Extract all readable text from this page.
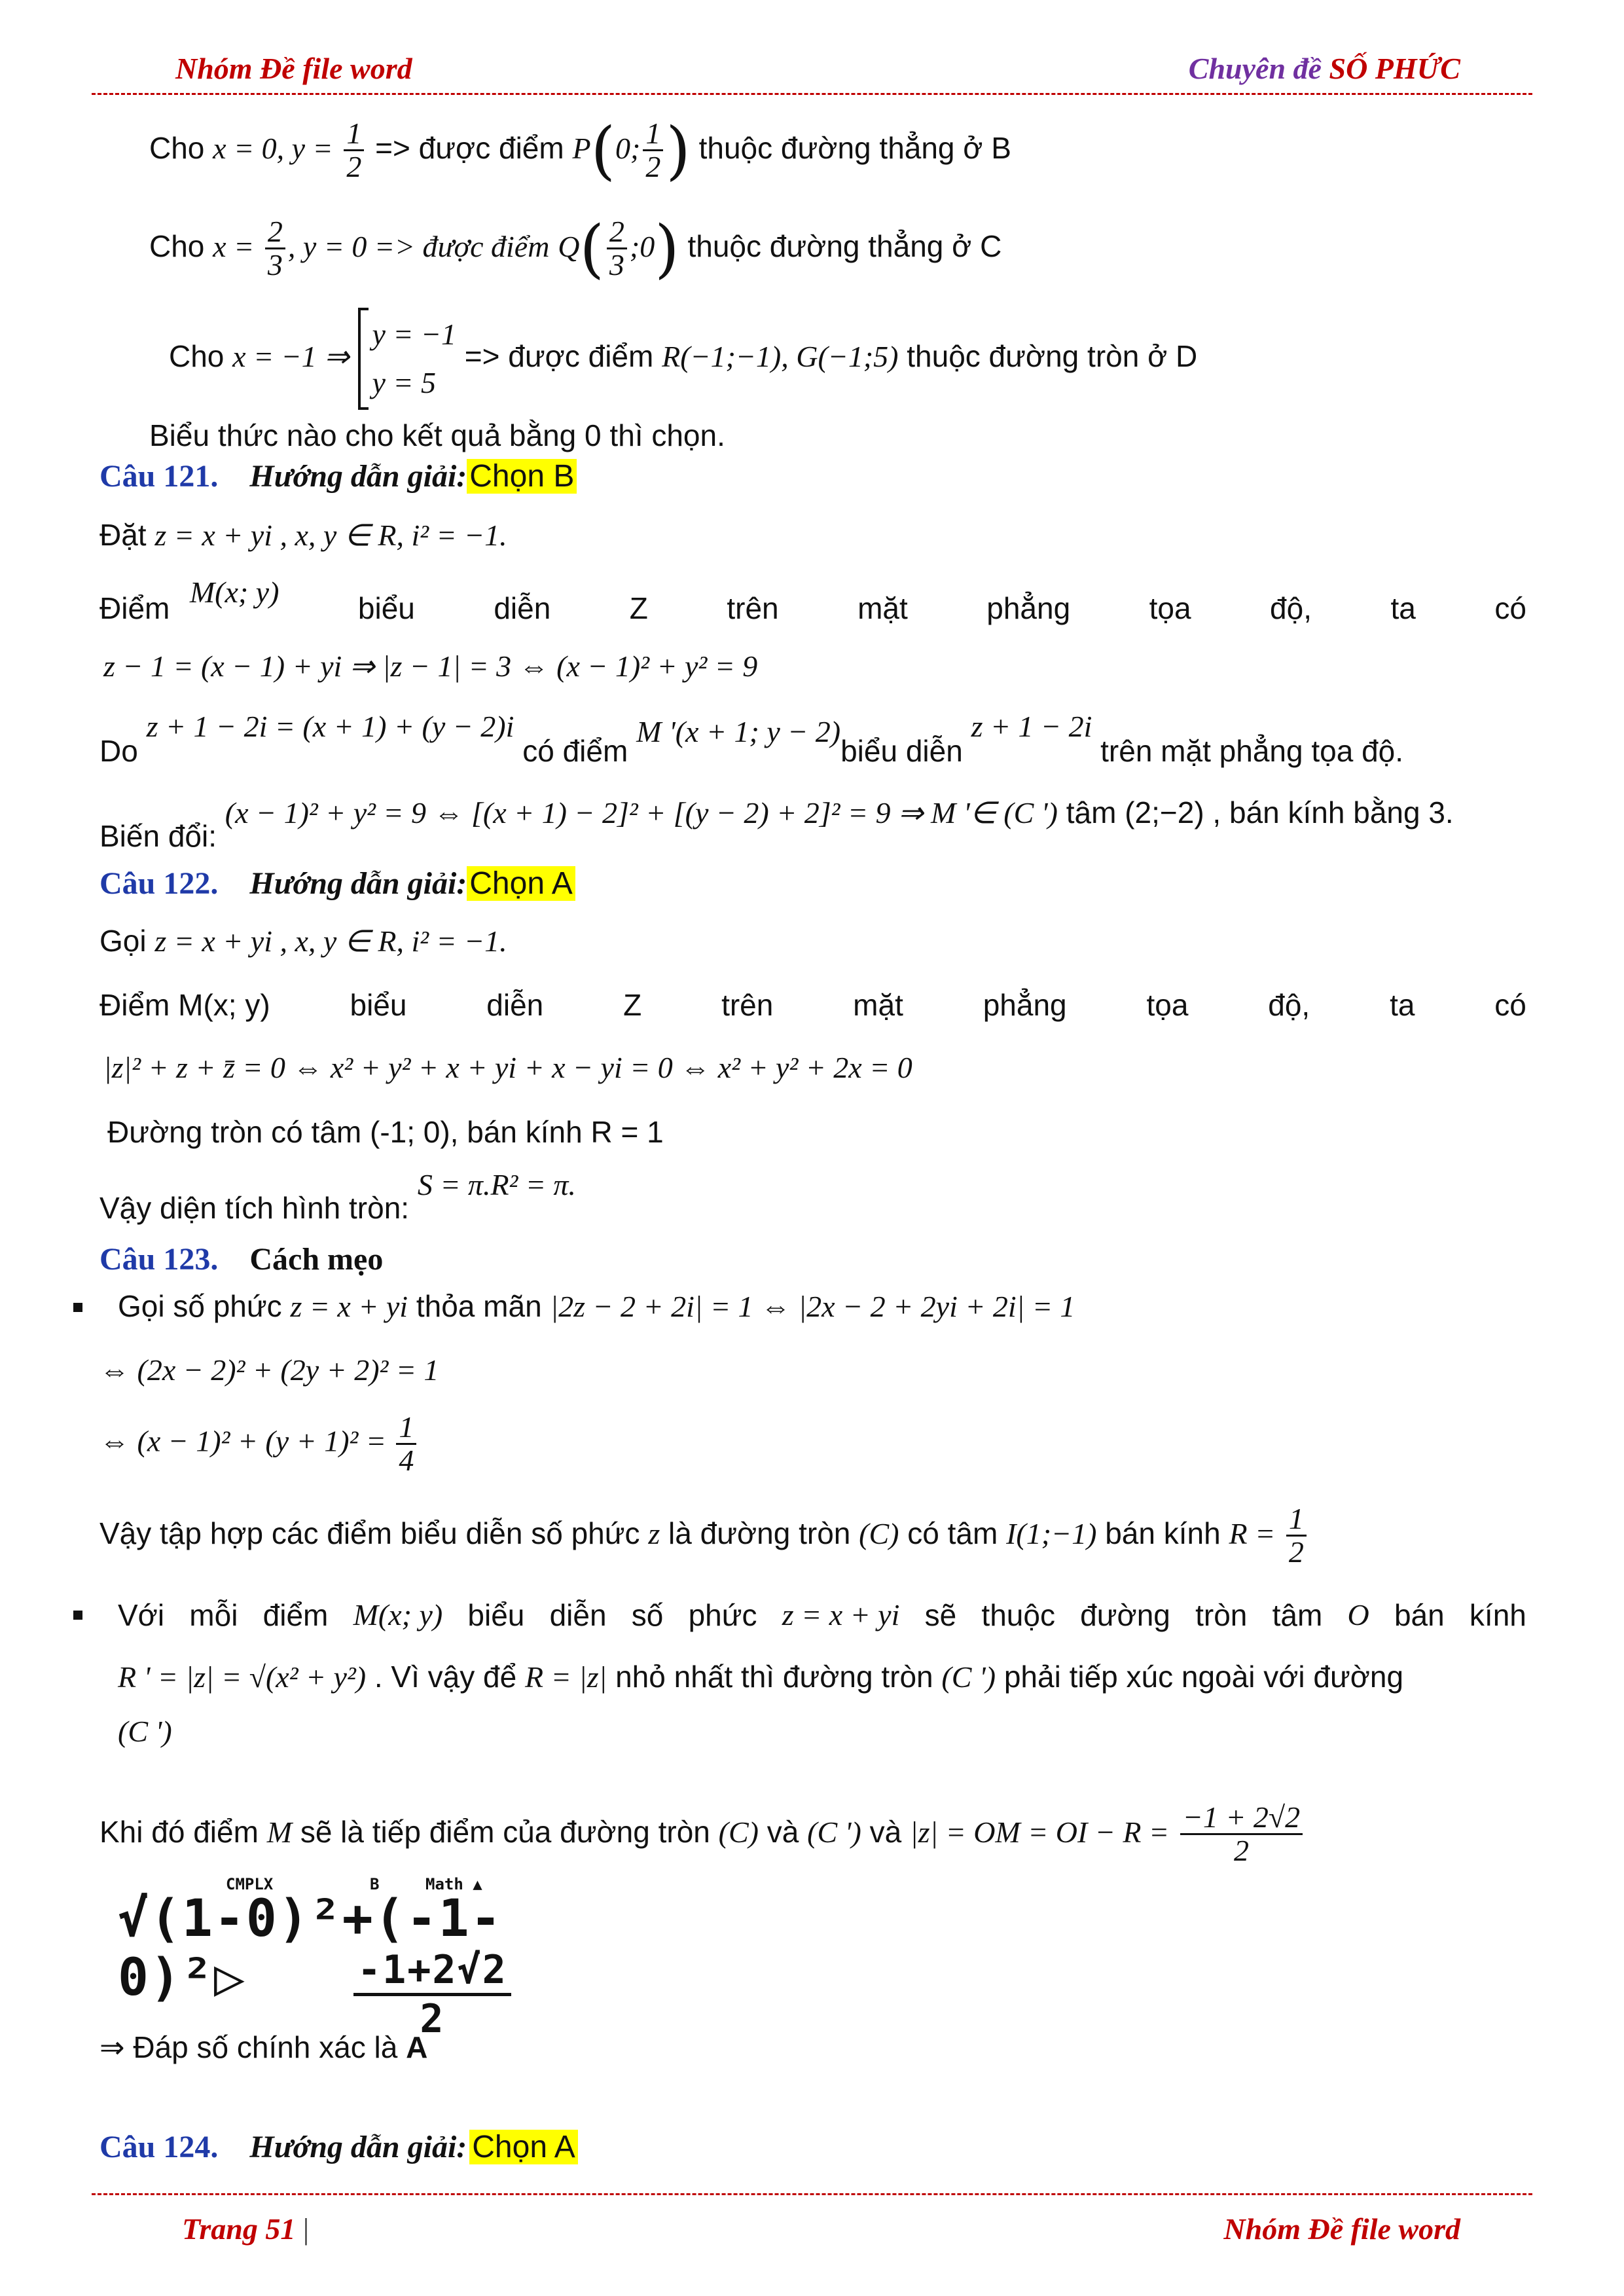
Nhóm Đề file word	Chuyên đề SỐ PHỨC
Cho x = 0, $y = \frac{1}{2}$ => được điểm P(0; $\frac{1}{2}$ ) thuộc đường thẳng ở B
Cho $x = \frac{2}{3}$ , y = 0 => được điểm $Q( \frac{2}{3}$ ;0) thuộc đường thẳng ở C
Cho x = −1 ⇒
y = −1
y = 5
=> được điểm R(−1;−1), G(−1;5) thuộc đường tròn ở D
Biểu thức nào cho kết quả bằng 0 thì chọn.
Câu 121. Hướng dẫn giải:Chọn B
Đặt z = x + yi , x, y ∈ R, i² = −1.
Điểm M(x; y)	biểu	diễn	Z	trên	mặt	phẳng	tọa	độ,	ta	có
z − 1 = (x − 1) + yi ⇒ |z − 1| = 3 ⇔ (x − 1)² + y² = 9
Do z + 1 − 2i = (x + 1) + (y − 2)i có điểm M '(x + 1; y − 2)biểu diễn z + 1 − 2i trên mặt phẳng tọa độ.
Biến đổi: (x − 1)² + y² = 9 ⇔ [(x + 1) − 2]² + [(y − 2) + 2]² = 9 ⇒ M '∈ (C ') tâm (2;−2) , bán kính bằng 3.
Câu 122. Hướng dẫn giải:Chọn A
Gọi z = x + yi , x, y ∈ R, i² = −1.
Điểm M(x; y)	biểu	diễn	Z	trên	mặt	phẳng	tọa	độ,	ta	có
|z|² + z + z̄ = 0 ⇔ x² + y² + x + yi + x − yi = 0 ⇔ x² + y² + 2x = 0
Đường tròn có tâm (-1; 0), bán kính R = 1
Vậy diện tích hình tròn: S = π.R² = π.
Câu 123. Cách mẹo
Gọi số phức z = x + yi thỏa mãn |2z − 2 + 2i| = 1 ⇔ |2x − 2 + 2yi + 2i| = 1
⇔ (2x − 2)² + (2y + 2)² = 1
⇔ $(x - 1)^2 + (y + 1)^2 = \frac{1}{4}$
Vậy tập hợp các điểm biểu diễn số phức z là đường tròn (C) có tâm I(1;−1) bán kính $R = \frac{1}{2}$
Với mỗi điểm M(x; y) biểu diễn số phức z = x + yi sẽ thuộc đường tròn tâm O bán kính
R ' = |z| = √(x² + y²) . Vì vậy để R = |z| nhỏ nhất thì đường tròn (C ') phải tiếp xúc ngoài với đường
(C ')
Khi đó điểm M sẽ là tiếp điểm của đường tròn (C) và (C ') và |z| = OM = OI − $R = \frac{-1 + 2√2}{2}$
CMPLX	B	Math ▲
√(1-0)²+(-1-0)²▷	$\frac{-1+2√2}{2}$
⇒ Đáp số chính xác là A
Câu 124. Hướng dẫn giải: Chọn A
Trang 51 |	Nhóm Đề file word
